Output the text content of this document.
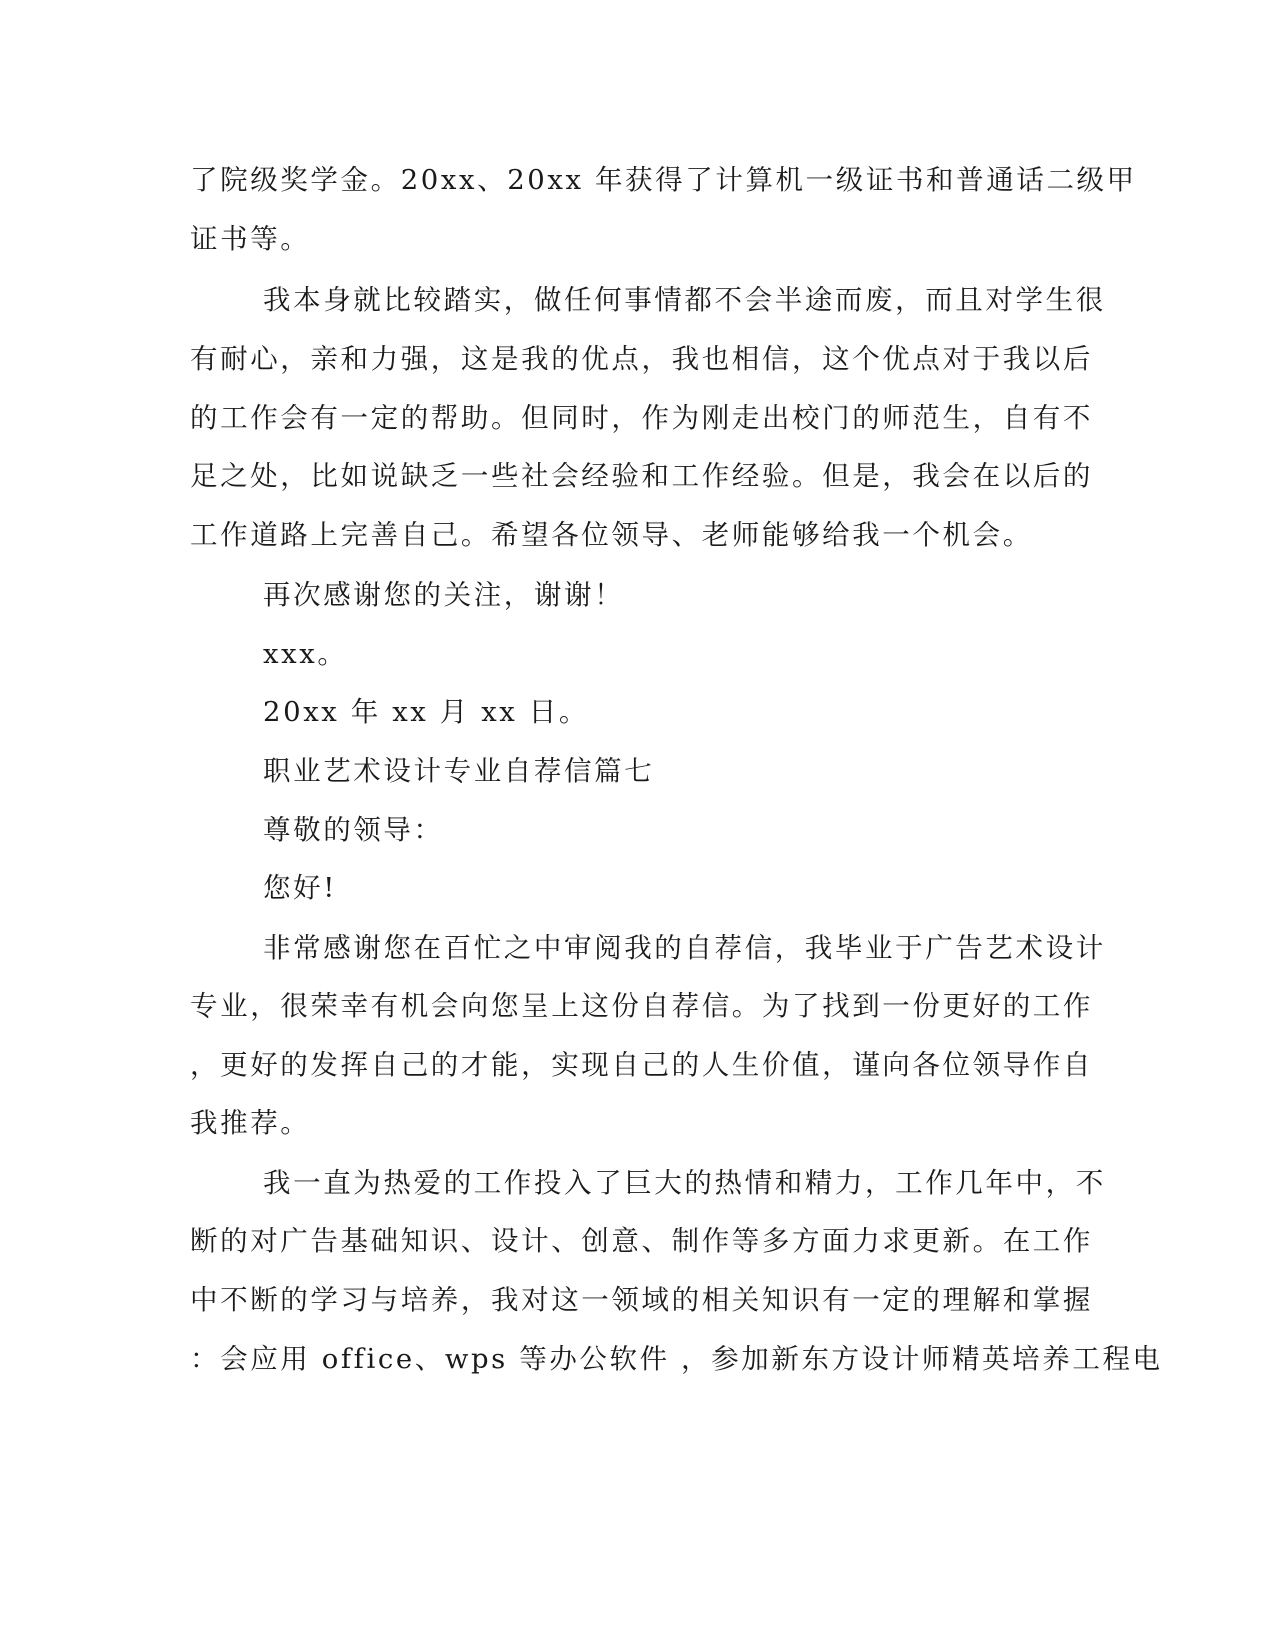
了院级奖学金。20xx、20xx 年获得了计算机一级证书和普通话二级甲
证书等。
我本身就比较踏实，做任何事情都不会半途而废，而且对学生很
有耐心，亲和力强，这是我的优点，我也相信，这个优点对于我以后
的工作会有一定的帮助。但同时，作为刚走出校门的师范生，自有不
足之处，比如说缺乏一些社会经验和工作经验。但是，我会在以后的
工作道路上完善自己。希望各位领导、老师能够给我一个机会。
再次感谢您的关注，谢谢！
xxx。
20xx 年 xx 月 xx 日。
职业艺术设计专业自荐信篇七
尊敬的领导：
您好!
非常感谢您在百忙之中审阅我的自荐信，我毕业于广告艺术设计
专业，很荣幸有机会向您呈上这份自荐信。为了找到一份更好的工作
，更好的发挥自己的才能，实现自己的人生价值，谨向各位领导作自
我推荐。
我一直为热爱的工作投入了巨大的热情和精力，工作几年中，不
断的对广告基础知识、设计、创意、制作等多方面力求更新。在工作
中不断的学习与培养，我对这一领域的相关知识有一定的理解和掌握
：会应用 office、wps 等办公软件 ，参加新东方设计师精英培养工程电
